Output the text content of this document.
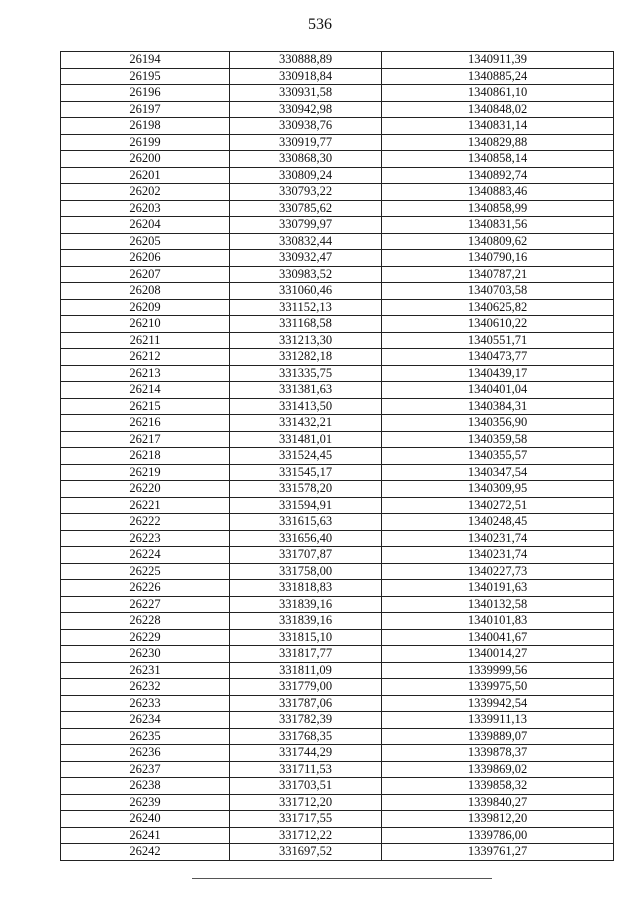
536
26194	330888,89	1340911,39
26195	330918,84	1340885,24
26196	330931,58	1340861,10
26197	330942,98	1340848,02
26198	330938,76	1340831,14
26199	330919,77	1340829,88
26200	330868,30	1340858,14
26201	330809,24	1340892,74
26202	330793,22	1340883,46
26203	330785,62	1340858,99
26204	330799,97	1340831,56
26205	330832,44	1340809,62
26206	330932,47	1340790,16
26207	330983,52	1340787,21
26208	331060,46	1340703,58
26209	331152,13	1340625,82
26210	331168,58	1340610,22
26211	331213,30	1340551,71
26212	331282,18	1340473,77
26213	331335,75	1340439,17
26214	331381,63	1340401,04
26215	331413,50	1340384,31
26216	331432,21	1340356,90
26217	331481,01	1340359,58
26218	331524,45	1340355,57
26219	331545,17	1340347,54
26220	331578,20	1340309,95
26221	331594,91	1340272,51
26222	331615,63	1340248,45
26223	331656,40	1340231,74
26224	331707,87	1340231,74
26225	331758,00	1340227,73
26226	331818,83	1340191,63
26227	331839,16	1340132,58
26228	331839,16	1340101,83
26229	331815,10	1340041,67
26230	331817,77	1340014,27
26231	331811,09	1339999,56
26232	331779,00	1339975,50
26233	331787,06	1339942,54
26234	331782,39	1339911,13
26235	331768,35	1339889,07
26236	331744,29	1339878,37
26237	331711,53	1339869,02
26238	331703,51	1339858,32
26239	331712,20	1339840,27
26240	331717,55	1339812,20
26241	331712,22	1339786,00
26242	331697,52	1339761,27
